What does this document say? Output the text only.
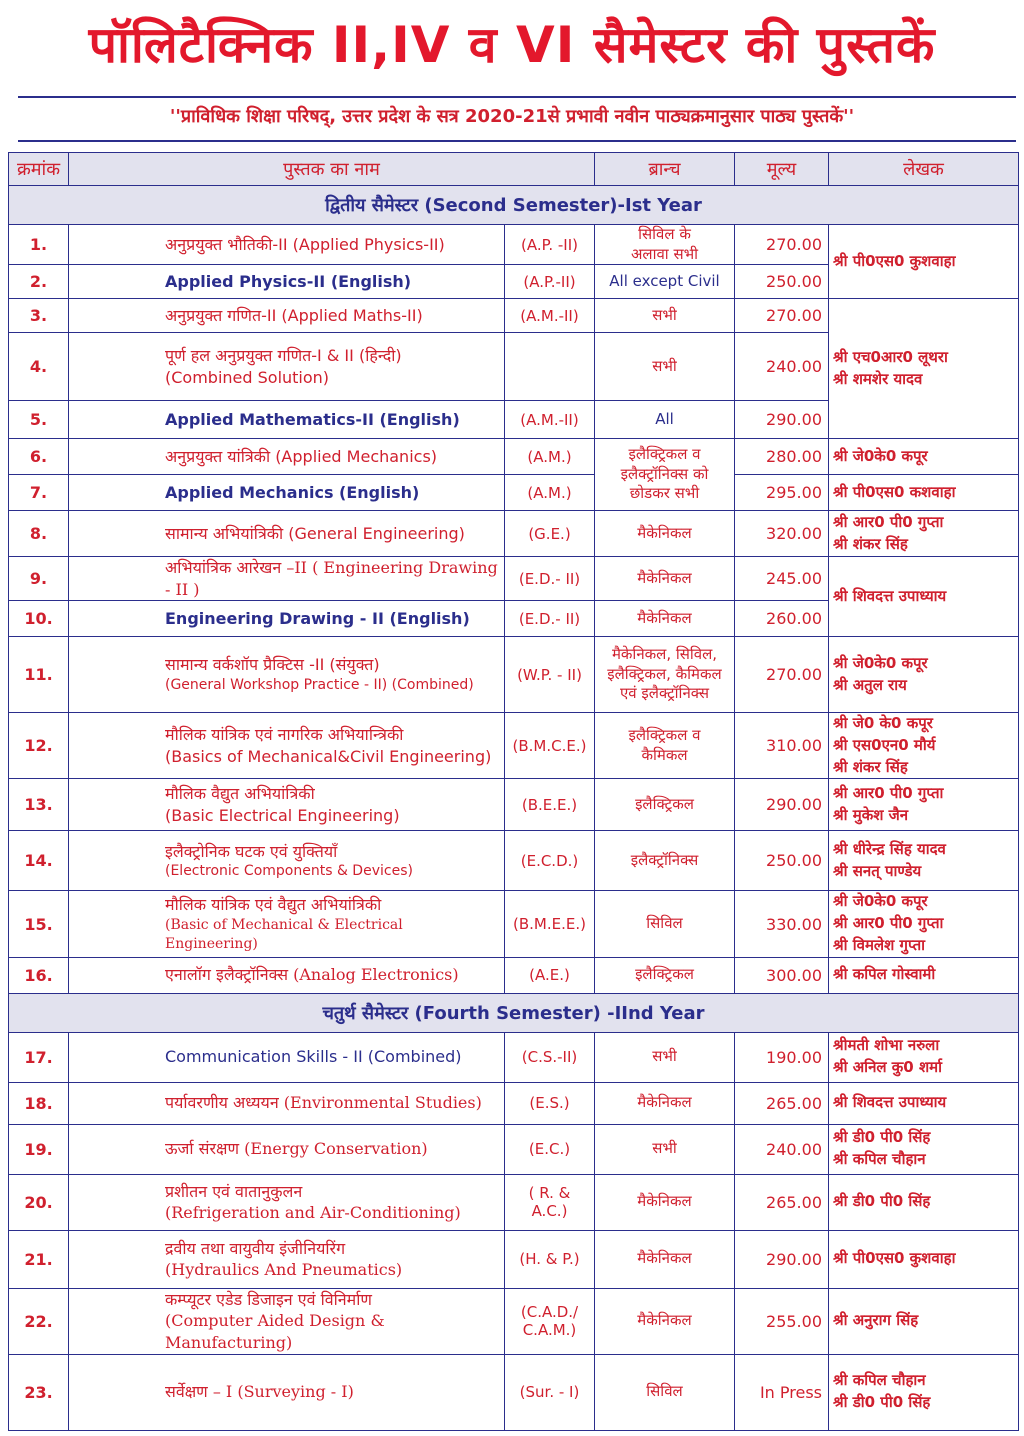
पॉलिटैक्निक II,IV व VI सैमेस्टर की पुस्तकें
''प्राविधिक शिक्षा परिषद्, उत्तर प्रदेश के सत्र 2020-21से प्रभावी नवीन पाठ्यक्रमानुसार पाठ्य पुस्तकें''
क्रमांक	पुस्तक का नाम		ब्रान्च	मूल्य	लेखक
द्वितीय सैमेस्टर (Second Semester)-Ist Year					
1.	अनुप्रयुक्त भौतिकी-II (Applied Physics-II)	(A.P. -II)	सिविल के
अलावा सभी	270.00	श्री पी0एस0 कुशवाहा

2.	Applied Physics-II (English)	(A.P.-II)	All except Civil	250.00	
3.	अनुप्रयुक्त गणित-II (Applied Maths-II)	(A.M.-II)	सभी	270.00	श्री एच0आर0 लूथरा
श्री शमशेर यादव

4.	पूर्ण हल अनुप्रयुक्त गणित-I & II (हिन्दी)
(Combined Solution)		सभी	240.00	
5.	Applied Mathematics-II (English)	(A.M.-II)	All	290.00	
6.	अनुप्रयुक्त यांत्रिकी (Applied Mechanics)	(A.M.)	इलैक्ट्रिकल व
इलैक्ट्रॉनिक्स को
छोडकर सभी	280.00	श्री जे0के0 कपूर

7.	Applied Mechanics (English)	(A.M.)		295.00	श्री पी0एस0 कशवाहा

8.	सामान्य अभियांत्रिकी (General Engineering)	(G.E.)	मैकेनिकल	320.00	श्री आर0 पी0 गुप्ता
श्री शंकर सिंह

9.	अभियांत्रिक आरेखन –II ( Engineering Drawing - II )	(E.D.- II)	मैकेनिकल	245.00	श्री शिवदत्त उपाध्याय

10.	Engineering Drawing - II (English)	(E.D.- II)	मैकेनिकल	260.00	
11.	सामान्य वर्कशॉप प्रैक्टिस -II (संयुक्त)
(General Workshop Practice - II) (Combined)	(W.P. - II)	मैकेनिकल, सिविल,
इलैक्ट्रिकल, कैमिकल
एवं इलैक्ट्रॉनिक्स	270.00	श्री जे0के0 कपूर
श्री अतुल राय

12.	मौलिक यांत्रिक एवं नागरिक अभियान्त्रिकी
(Basics of Mechanical&Civil Engineering)	(B.M.C.E.)	इलैक्ट्रिकल व
कैमिकल	310.00	श्री जे0 के0 कपूर
श्री एस0एन0 मौर्य
श्री शंकर सिंह

13.	मौलिक वैद्युत अभियांत्रिकी
(Basic Electrical Engineering)	(B.E.E.)	इलैक्ट्रिकल	290.00	श्री आर0 पी0 गुप्ता
श्री मुकेश जैन

14.	इलैक्ट्रोनिक घटक एवं युक्तियाँ
(Electronic Components & Devices)	(E.C.D.)	इलैक्ट्रॉनिक्स	250.00	श्री धीरेन्द्र सिंह यादव
श्री सनत् पाण्डेय

15.	मौलिक यांत्रिक एवं वैद्युत अभियांत्रिकी
(Basic of Mechanical & Electrical Engineering)	(B.M.E.E.)	सिविल	330.00	श्री जे0के0 कपूर
श्री आर0 पी0 गुप्ता
श्री विमलेश गुप्ता

16.	एनालॉग इलैक्ट्रॉनिक्स (Analog Electronics)	(A.E.)	इलैक्ट्रिकल	300.00	श्री कपिल गोस्वामी

चतुर्थ सैमेस्टर (Fourth Semester) -IInd Year					
17.	Communication Skills - II (Combined)	(C.S.-II)	सभी	190.00	श्रीमती शोभा नरुला
श्री अनिल कु0 शर्मा

18.	पर्यावरणीय अध्ययन (Environmental Studies)	(E.S.)	मैकेनिकल	265.00	श्री शिवदत्त उपाध्याय

19.	ऊर्जा संरक्षण (Energy Conservation)	(E.C.)	सभी	240.00	श्री डी0 पी0 सिंह
श्री कपिल चौहान

20.	प्रशीतन एवं वातानुकुलन
(Refrigeration and Air-Conditioning)	( R. & A.C.)	मैकेनिकल	265.00	श्री डी0 पी0 सिंह

21.	द्रवीय तथा वायुवीय इंजीनियरिंग
(Hydraulics And Pneumatics)	(H. & P.)	मैकेनिकल	290.00	श्री पी0एस0 कुशवाहा

22.	कम्प्यूटर एडेड डिजाइन एवं विनिर्माण
(Computer Aided Design & Manufacturing)	(C.A.D./ C.A.M.)	मैकेनिकल	255.00	श्री अनुराग सिंह

23.	सर्वेक्षण – I (Surveying - I)	(Sur. - I)	सिविल	In Press	श्री कपिल चौहान
श्री डी0 पी0 सिंह
